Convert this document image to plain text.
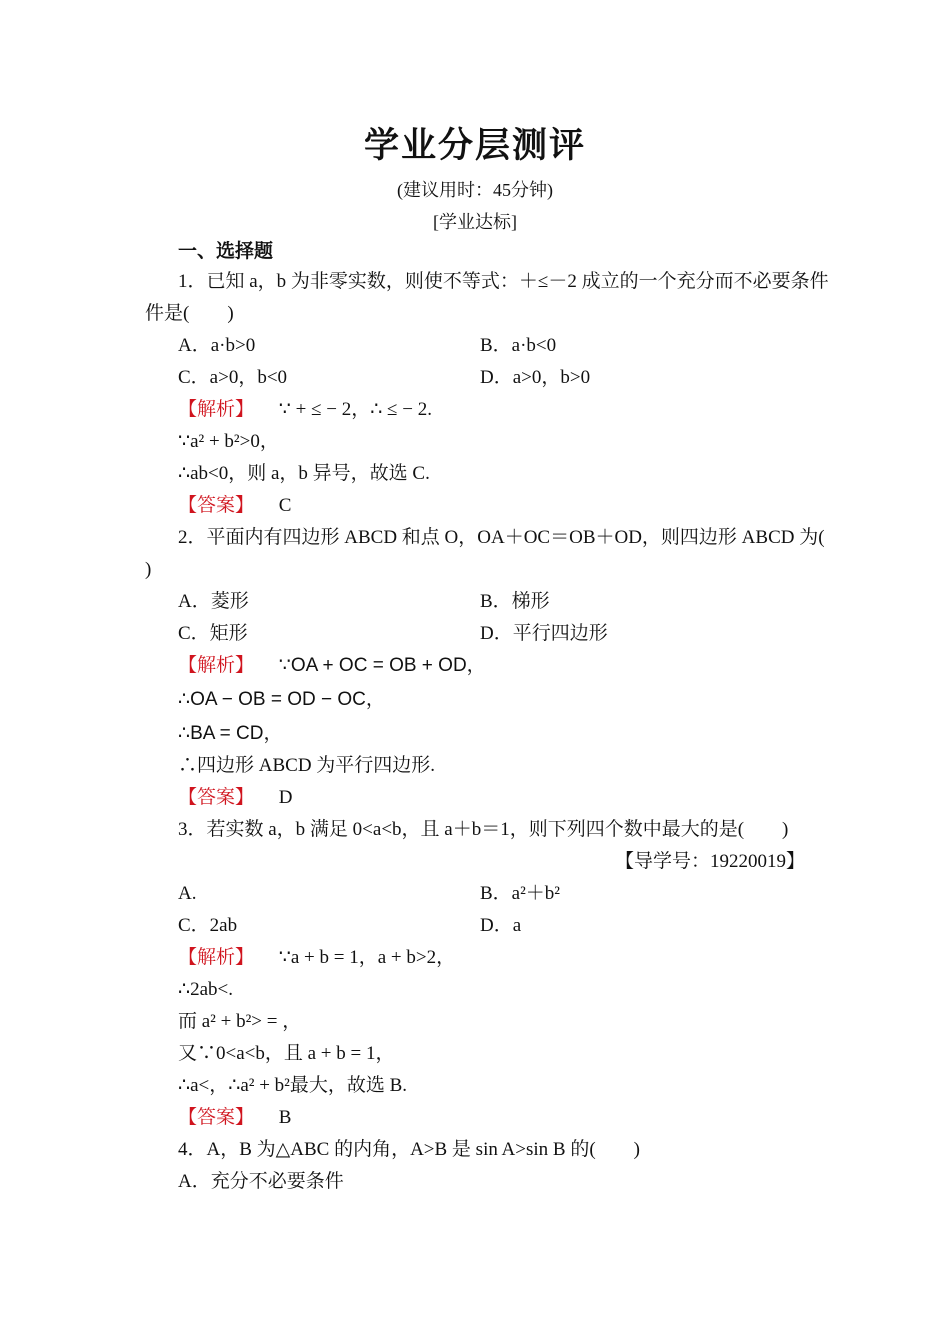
学业分层测评
(建议用时：45分钟)
[学业达标]
一、选择题
1．已知 a，b 为非零实数，则使不等式：＋≤－2 成立的一个充分而不必要条件
件是(　　)
A．a·b>0	B．a·b<0
C．a>0，b<0	D．a>0，b>0
【解析】 ∵ + ≤ − 2，∴ ≤ − 2.
∵a² + b²>0，
∴ab<0，则 a，b 异号，故选 C.
【答案】 C
2．平面内有四边形 ABCD 和点 O，OA＋OC＝OB＋OD，则四边形 ABCD 为(
)
A．菱形	B．梯形
C．矩形	D．平行四边形
【解析】 ∵OA + OC = OB + OD，
∴OA − OB = OD − OC，
∴BA = CD，
∴四边形 ABCD 为平行四边形.
【答案】 D
3．若实数 a，b 满足 0<a<b，且 a＋b＝1，则下列四个数中最大的是(　　)
【导学号：19220019】
A.	B．a²＋b²
C．2ab	D．a
【解析】 ∵a + b = 1，a + b>2，
∴2ab<.
而 a² + b²> = ，
又∵0<a<b，且 a + b = 1，
∴a<，∴a² + b²最大，故选 B.
【答案】 B
4．A，B 为△ABC 的内角，A>B 是 sin A>sin B 的(　　)
A．充分不必要条件
